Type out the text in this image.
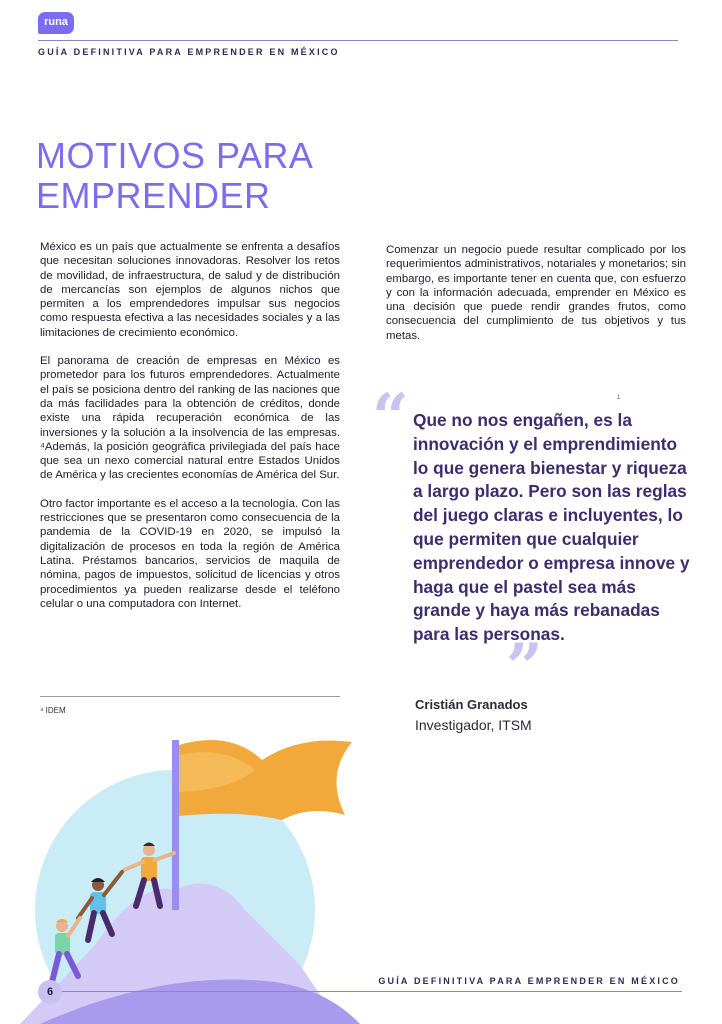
runa
GUÍA DEFINITIVA PARA EMPRENDER EN MÉXICO
MOTIVOS PARA
EMPRENDER

México es un país que actualmente se enfrenta a desafíos que necesitan soluciones innovadoras. Resolver los retos de movilidad, de infraestructura, de salud y de distribución de mercancías son ejemplos de algunos nichos que permiten a los emprendedores impulsar sus negocios como respuesta efectiva a las necesidades sociales y a las limitaciones de crecimiento económico.

El panorama de creación de empresas en México es prometedor para los futuros emprendedores. Actualmente el país se posiciona dentro del ranking de las naciones que da más facilidades para la obtención de créditos, donde existe una rápida recuperación económica de las inversiones y la solución a la insolvencia de las empresas. ⁴Además, la posición geográfica privilegiada del país hace que sea un nexo comercial natural entre Estados Unidos de América y las crecientes economías de América del Sur.

Otro factor importante es el acceso a la tecnología. Con las restricciones que se presentaron como consecuencia de la pandemia de la COVID-19 en 2020, se impulsó la digitalización de procesos en toda la región de América Latina. Préstamos bancarios, servicios de maquila de nómina, pagos de impuestos, solicitud de licencias y otros procedimientos ya pueden realizarse desde el teléfono celular o una computadora con Internet.

Comenzar un negocio puede resultar complicado por los requerimientos administrativos, notariales y monetarios; sin embargo, es importante tener en cuenta que, con esfuerzo y con la información adecuada, emprender en México es una decisión que puede rendir grandes frutos, como consecuencia del cumplimiento de tus objetivos y tus metas.

⁴ IDEM
1
“ Que no nos engañen, es la innovación y el emprendimiento lo que genera bienestar y riqueza a largo plazo. Pero son las reglas del juego claras e incluyentes, lo que permiten que cualquier emprendedor o empresa innove y haga que el pastel sea más grande y haya más rebanadas para las personas.

”
Cristián Granados
Investigador, ITSM
GUÍA DEFINITIVA PARA EMPRENDER EN MÉXICO
6
